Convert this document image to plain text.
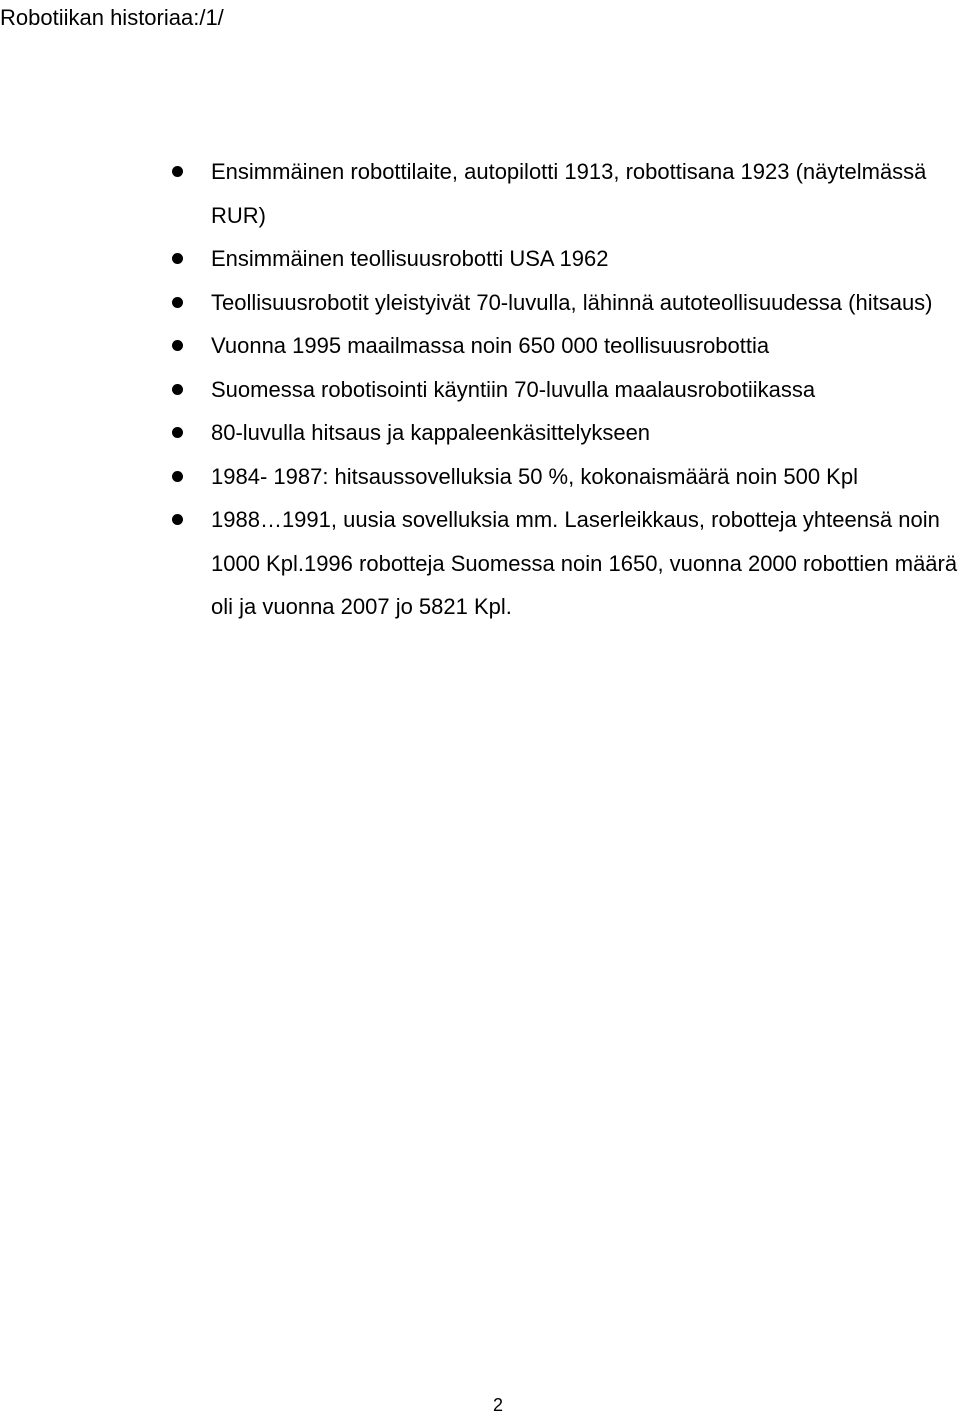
Robotiikan historiaa:/1/
Ensimmäinen robottilaite, autopilotti 1913, robottisana 1923 (näytelmässä RUR)
Ensimmäinen teollisuusrobotti USA 1962
Teollisuusrobotit yleistyivät 70-luvulla, lähinnä autoteollisuudessa (hitsaus)
Vuonna 1995 maailmassa noin 650 000 teollisuusrobottia
Suomessa robotisointi käyntiin 70-luvulla maalausrobotiikassa
80-luvulla hitsaus ja kappaleenkäsittelykseen
1984- 1987: hitsaussovelluksia 50 %, kokonaismäärä noin 500 Kpl
1988…1991, uusia sovelluksia mm. Laserleikkaus, robotteja yhteensä noin 1000 Kpl.1996 robotteja Suomessa noin 1650, vuonna 2000 robottien määrä oli ja vuonna 2007 jo 5821 Kpl.
2
